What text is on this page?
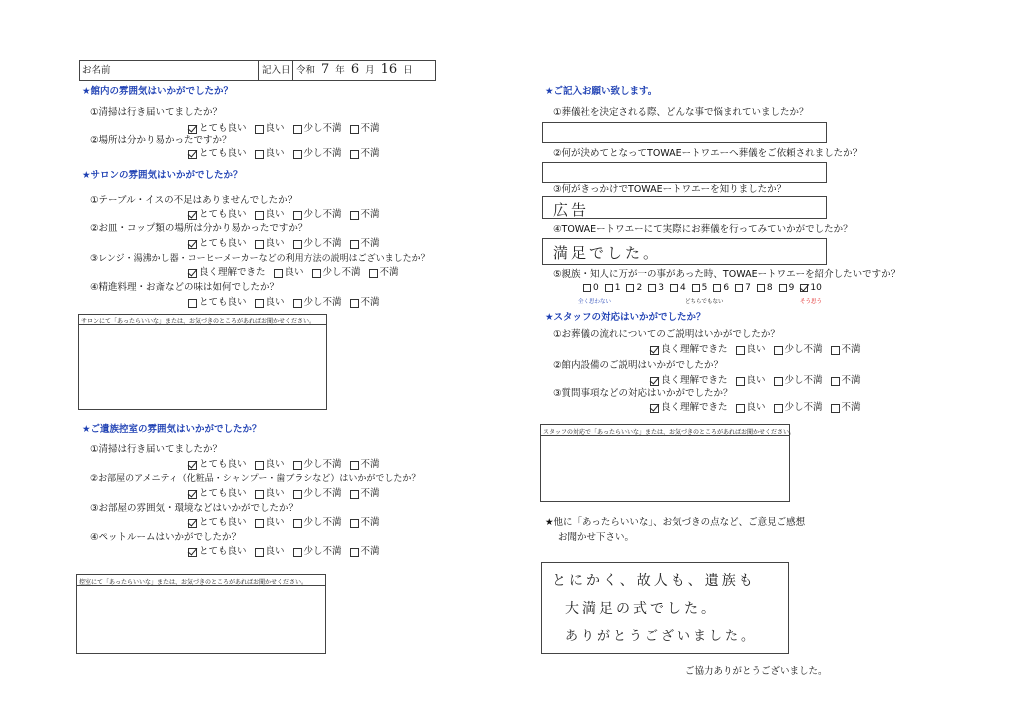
お名前	記入日 令和 7 年 6 月 16 日
★館内の雰囲気はいかがでしたか？
①清掃は行き届いてましたか？
とても良い 良い 少し不満 不満
②場所は分かり易かったですか？
とても良い 良い 少し不満 不満
★サロンの雰囲気はいかがでしたか？
①テーブル・イスの不足はありませんでしたか？
とても良い 良い 少し不満 不満
②お皿・コップ類の場所は分かり易かったですか？
とても良い 良い 少し不満 不満
③レンジ・湯沸かし器・コーヒーメーカーなどの利用方法の説明はございましたか？
良く理解できた 良い 少し不満 不満
④精進料理・お斎などの味は如何でしたか？
とても良い 良い 少し不満 不満
サロンにて「あったらいいな」または、お気づきのところがあればお聞かせください。
★ご遺族控室の雰囲気はいかがでしたか？
①清掃は行き届いてましたか？
とても良い 良い 少し不満 不満
②お部屋のアメニティ（化粧品・シャンプー・歯ブラシなど）はいかがでしたか？
とても良い 良い 少し不満 不満
③お部屋の雰囲気・環境などはいかがでしたか？
とても良い 良い 少し不満 不満
④ペットルームはいかがでしたか？
とても良い 良い 少し不満 不満
控室にて「あったらいいな」または、お気づきのところがあればお聞かせください。
★ご記入お願い致します。
①葬儀社を決定される際、どんな事で悩まれていましたか？
②何が決めてとなってTOWAEートワエーへ葬儀をご依頼されましたか？
③何がきっかけでTOWAEートワエーを知りましたか？
広告
④TOWAEートワエーにて実際にお葬儀を行ってみていかがでしたか？
満足でした。
⑤親族・知人に万が一の事があった時、TOWAEートワエーを紹介したいですか？
0 1 2 3 4 5 6 7 8 9 10
全く思わない	どちらでもない	そう思う
★スタッフの対応はいかがでしたか？
①お葬儀の流れについてのご説明はいかがでしたか？
良く理解できた 良い 少し不満 不満
②館内設備のご説明はいかがでしたか？
良く理解できた 良い 少し不満 不満
③質問事項などの対応はいかがでしたか？
良く理解できた 良い 少し不満 不満
スタッフの対応で「あったらいいな」または、お気づきのところがあればお聞かせください。
★他に「あったらいいな」、お気づきの点など、ご意見ご感想
お聞かせ下さい。
とにかく、故人も、遺族も
大満足の式でした。
ありがとうございました。
ご協力ありがとうございました。
